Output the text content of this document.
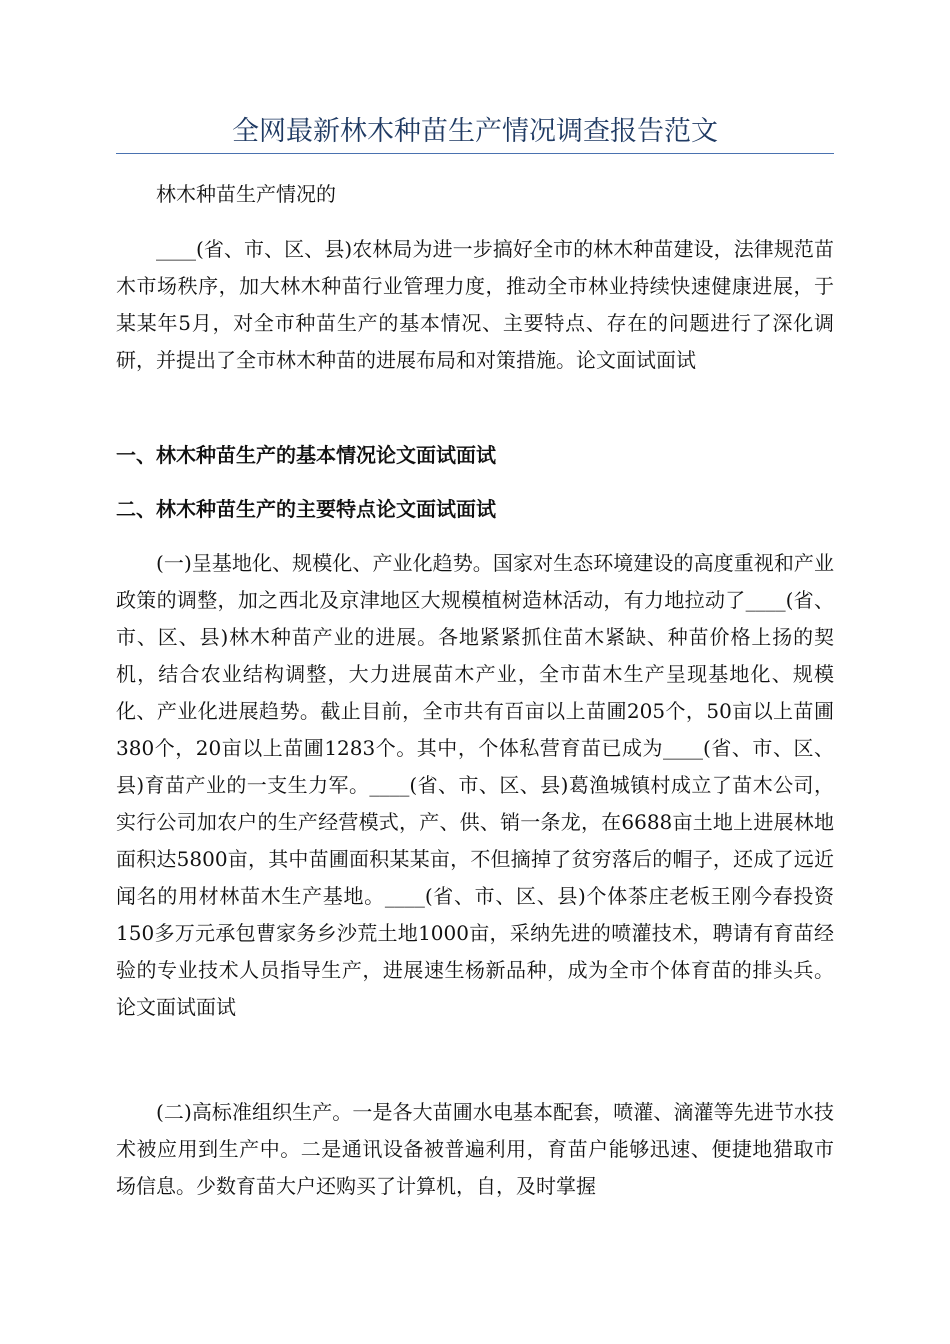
全网最新林木种苗生产情况调查报告范文

林木种苗生产情况的

____(省、市、区、县)农林局为进一步搞好全市的林木种苗建设，法律规范苗木市场秩序，加大林木种苗行业管理力度，推动全市林业持续快速健康进展，于某某年5月，对全市种苗生产的基本情况、主要特点、存在的问题进行了深化调研，并提出了全市林木种苗的进展布局和对策措施。论文面试面试

一、林木种苗生产的基本情况论文面试面试

二、林木种苗生产的主要特点论文面试面试

(一)呈基地化、规模化、产业化趋势。国家对生态环境建设的高度重视和产业政策的调整，加之西北及京津地区大规模植树造林活动，有力地拉动了____(省、市、区、县)林木种苗产业的进展。各地紧紧抓住苗木紧缺、种苗价格上扬的契机，结合农业结构调整，大力进展苗木产业，全市苗木生产呈现基地化、规模化、产业化进展趋势。截止目前，全市共有百亩以上苗圃205个，50亩以上苗圃380个，20亩以上苗圃1283个。其中，个体私营育苗已成为____(省、市、区、县)育苗产业的一支生力军。____(省、市、区、县)葛渔城镇村成立了苗木公司，实行公司加农户的生产经营模式，产、供、销一条龙，在6688亩土地上进展林地面积达5800亩，其中苗圃面积某某亩，不但摘掉了贫穷落后的帽子，还成了远近闻名的用材林苗木生产基地。____(省、市、区、县)个体茶庄老板王刚今春投资150多万元承包曹家务乡沙荒土地1000亩，采纳先进的喷灌技术，聘请有育苗经验的专业技术人员指导生产，进展速生杨新品种，成为全市个体育苗的排头兵。论文面试面试

(二)高标准组织生产。一是各大苗圃水电基本配套，喷灌、滴灌等先进节水技术被应用到生产中。二是通讯设备被普遍利用，育苗户能够迅速、便捷地猎取市场信息。少数育苗大户还购买了计算机，自，及时掌握
